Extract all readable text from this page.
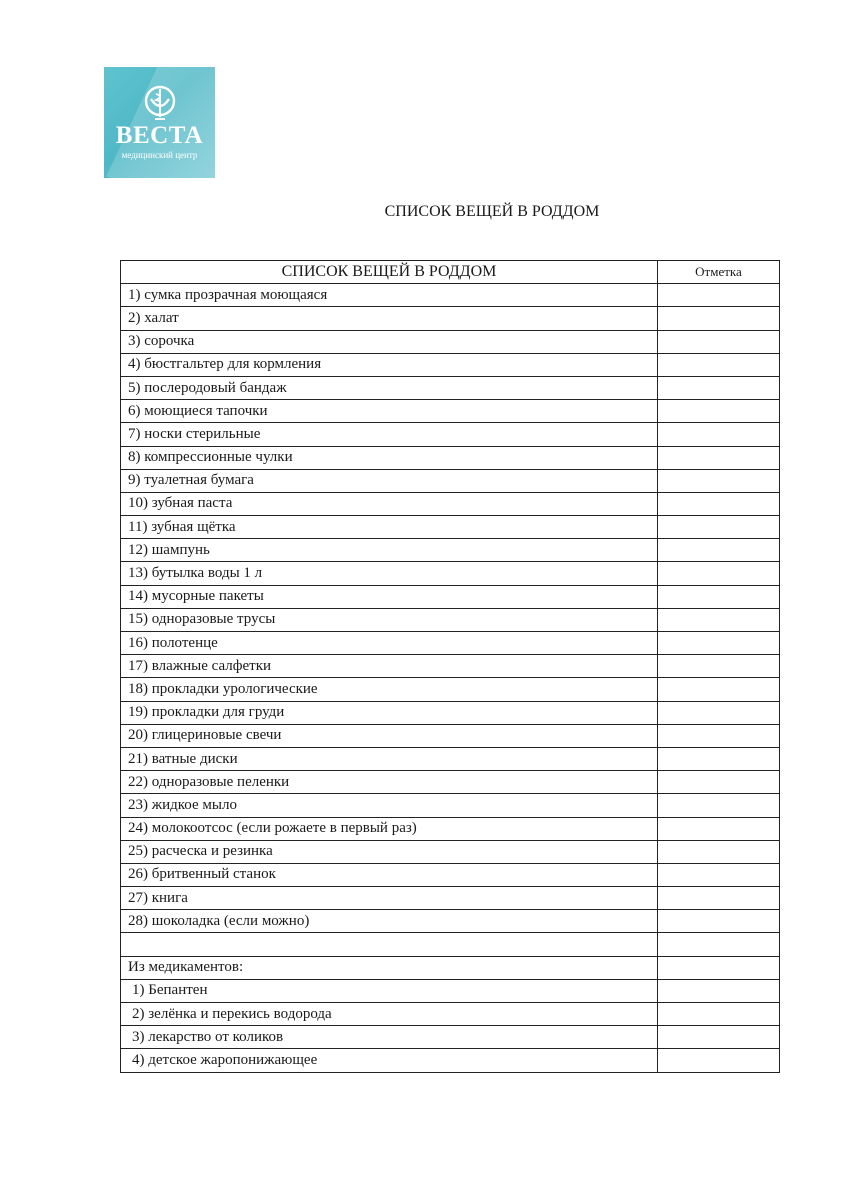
ВЕСТА
медицинский центр
СПИСОК ВЕЩЕЙ В РОДДОМ
СПИСОК ВЕЩЕЙ В РОДДОМ	Отметка
1) сумка прозрачная моющаяся	
2) халат	
3) сорочка	
4) бюстгальтер для кормления	
5) послеродовый бандаж	
6) моющиеся тапочки	
7) носки стерильные	
8) компрессионные чулки	
9) туалетная бумага	
10) зубная паста	
11) зубная щётка	
12) шампунь	
13) бутылка воды 1 л	
14) мусорные пакеты	
15) одноразовые трусы	
16) полотенце	
17) влажные салфетки	
18) прокладки урологические	
19) прокладки для груди	
20) глицериновые свечи	
21) ватные диски	
22) одноразовые пеленки	
23) жидкое мыло	
24) молокоотсос (если рожаете в первый раз)	
25) расческа и резинка	
26) бритвенный станок	
27) книга	
28) шоколадка (если можно)	

Из медикаментов:	
1) Бепантен	
2) зелёнка и перекись водорода	
3) лекарство от коликов	
4) детское жаропонижающее	
